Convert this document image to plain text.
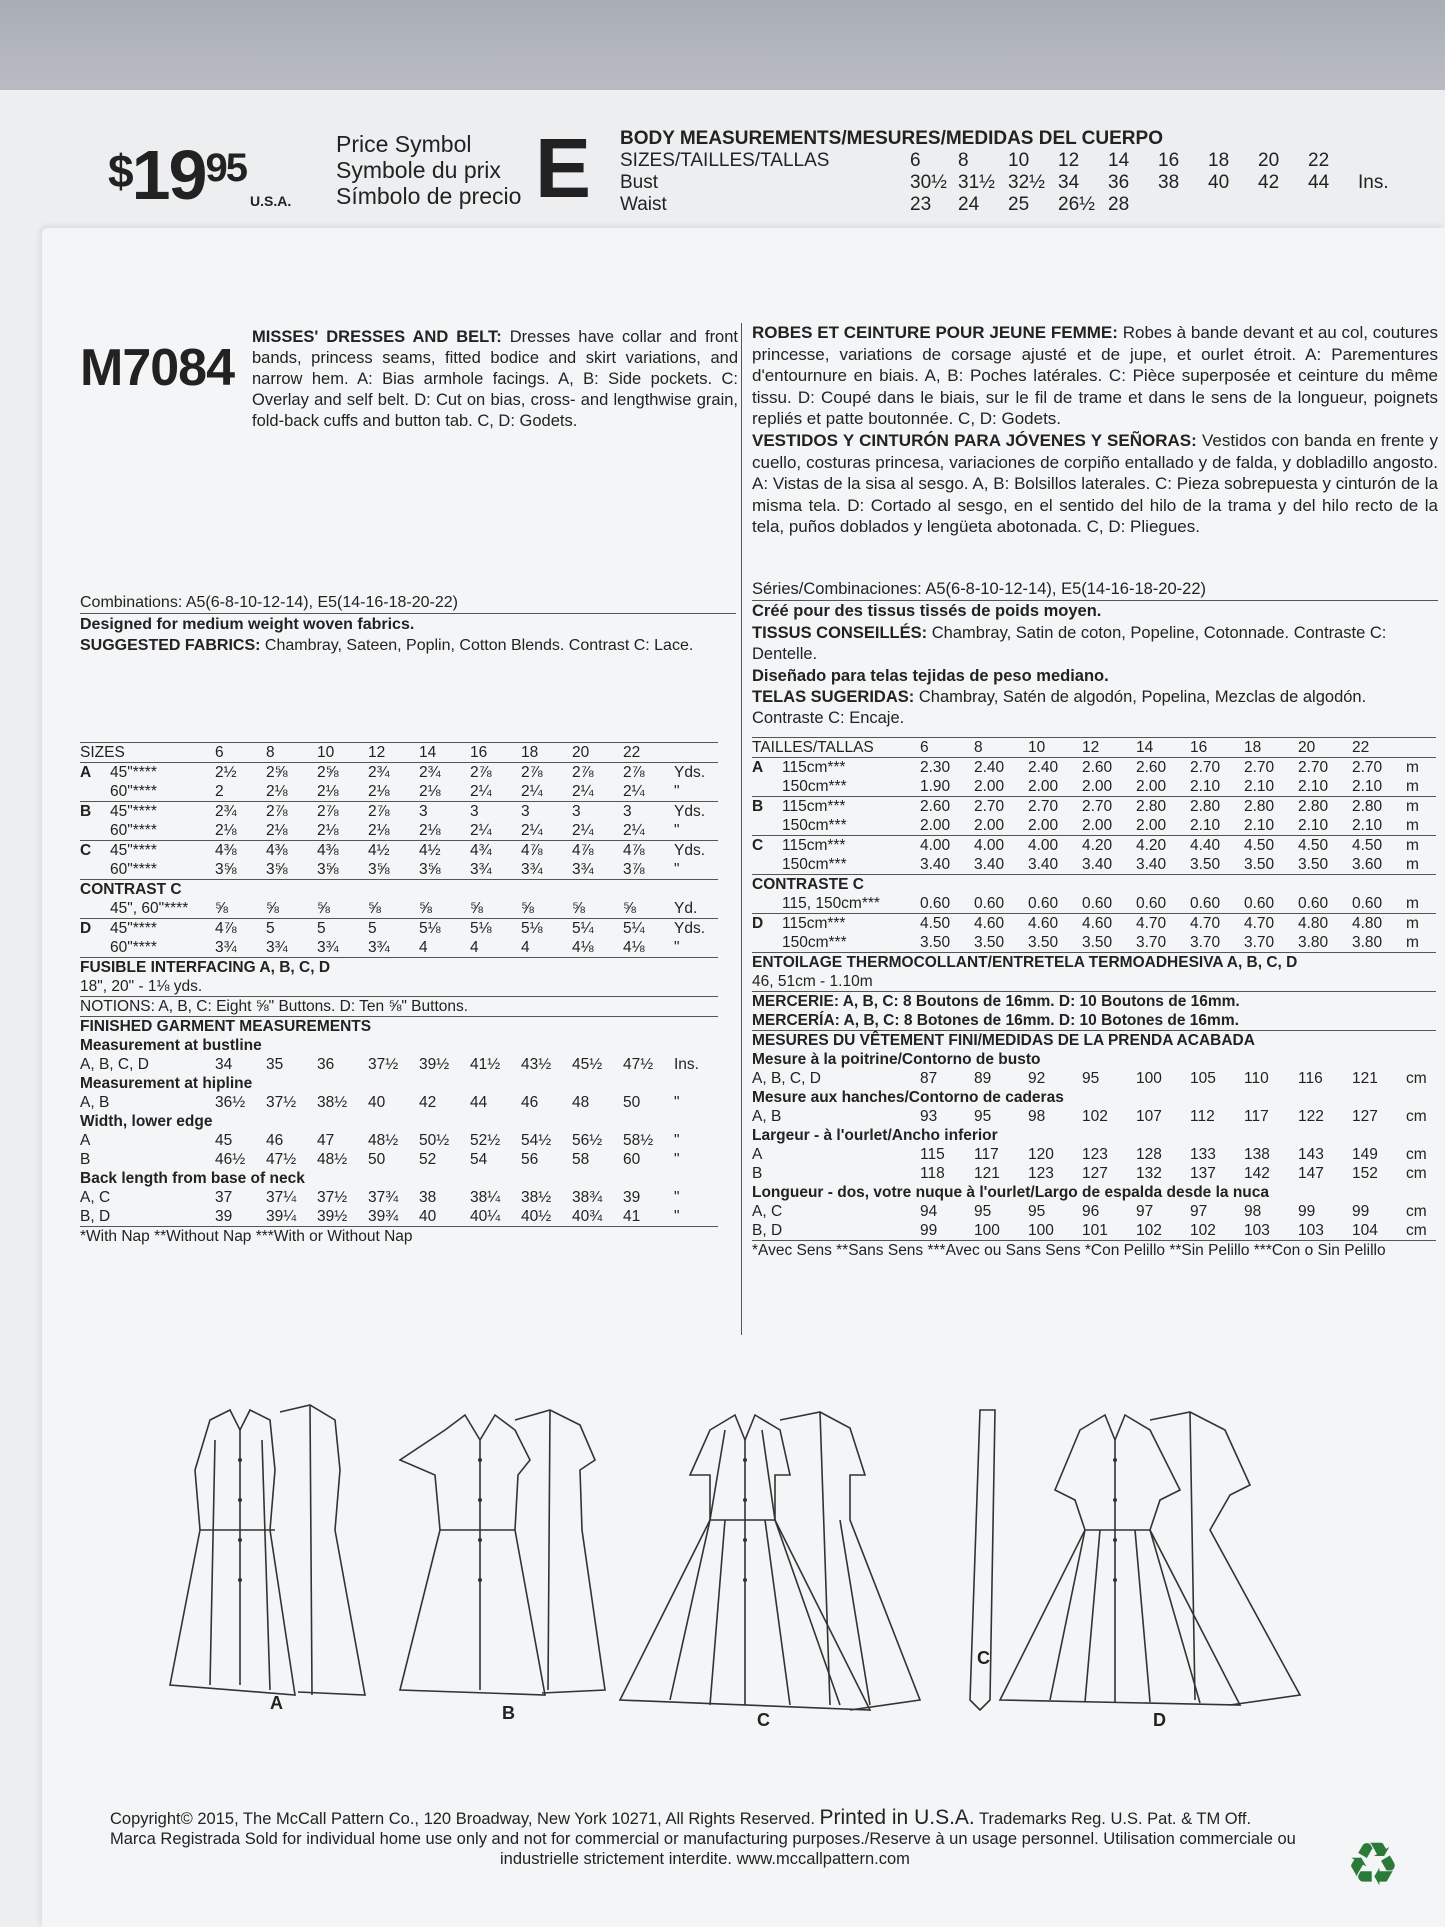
$^{\$}19^{95}$
U.S.A.
Price Symbol
Symbole du prix
Símbolo de precio E BODY MEASUREMENTS/MESURES/MEDIDAS DEL CUERPO
SIZES/TAILLES/TALLAS	6	8	10	12	14	16	18	20	22	
Bust	30½	31½	32½	34	36	38	40	42	44	Ins.
Waist	23	24	25	26½	28					
M7084
MISSES' DRESSES AND BELT: Dresses have collar and front bands, princess seams, fitted bodice and skirt variations, and narrow hem. A: Bias armhole facings. A, B: Side pockets. C: Overlay and self belt. D: Cut on bias, cross- and lengthwise grain, fold-back cuffs and button tab. C, D: Godets.
ROBES ET CEINTURE POUR JEUNE FEMME: Robes à bande devant et au col, coutures princesse, variations de corsage ajusté et de jupe, et ourlet étroit. A: Parementures d'entournure en biais. A, B: Poches latérales. C: Pièce superposée et ceinture du même tissu. D: Coupé dans le biais, sur le fil de trame et dans le sens de la longueur, poignets repliés et patte boutonnée. C, D: Godets.
VESTIDOS Y CINTURÓN PARA JÓVENES Y SEÑORAS: Vestidos con banda en frente y cuello, costuras princesa, variaciones de corpiño entallado y de falda, y dobladillo angosto. A: Vistas de la sisa al sesgo. A, B: Bolsillos laterales. C: Pieza sobrepuesta y cinturón de la misma tela. D: Cortado al sesgo, en el sentido del hilo de la trama y del hilo recto de la tela, puños doblados y lengüeta abotonada. C, D: Pliegues.
Combinations: A5(6-8-10-12-14), E5(14-16-18-20-22)
Designed for medium weight woven fabrics.
SUGGESTED FABRICS: Chambray, Sateen, Poplin, Cotton Blends. Contrast C: Lace.
Séries/Combinaciones: A5(6-8-10-12-14), E5(14-16-18-20-22)
Créé pour des tissus tissés de poids moyen.
TISSUS CONSEILLÉS: Chambray, Satin de coton, Popeline, Cotonnade. Contraste C: Dentelle.
Diseñado para telas tejidas de peso mediano.
TELAS SUGERIDAS: Chambray, Satén de algodón, Popelina, Mezclas de algodón. Contraste C: Encaje.
SIZES		6	8	10	12	14	16	18	20	22	
A	45"****	2½	2⅝	2⅝	2¾	2¾	2⅞	2⅞	2⅞	2⅞	Yds.
	60"****	2	2⅛	2⅛	2⅛	2⅛	2¼	2¼	2¼	2¼	"
B	45"****	2¾	2⅞	2⅞	2⅞	3	3	3	3	3	Yds.
	60"****	2⅛	2⅛	2⅛	2⅛	2⅛	2¼	2¼	2¼	2¼	"
C	45"****	4⅜	4⅜	4⅜	4½	4½	4¾	4⅞	4⅞	4⅞	Yds.
	60"****	3⅝	3⅝	3⅝	3⅝	3⅝	3¾	3¾	3¾	3⅞	"
CONTRAST C											
	45", 60"****	⅝	⅝	⅝	⅝	⅝	⅝	⅝	⅝	⅝	Yd.
D	45"****	4⅞	5	5	5	5⅛	5⅛	5⅛	5¼	5¼	Yds.
	60"****	3¾	3¾	3¾	3¾	4	4	4	4⅛	4⅛	"
FUSIBLE INTERFACING A, B, C, D											
18", 20" - 1⅛ yds.											
NOTIONS: A, B, C: Eight ⅝" Buttons. D: Ten ⅝" Buttons.											
FINISHED GARMENT MEASUREMENTS											
Measurement at bustline											
A, B, C, D		34	35	36	37½	39½	41½	43½	45½	47½	Ins.
Measurement at hipline											
A, B		36½	37½	38½	40	42	44	46	48	50	"
Width, lower edge											
A		45	46	47	48½	50½	52½	54½	56½	58½	"
B		46½	47½	48½	50	52	54	56	58	60	"
Back length from base of neck											
A, C		37	37¼	37½	37¾	38	38¼	38½	38¾	39	"
B, D		39	39¼	39½	39¾	40	40¼	40½	40¾	41	"
*With Nap **Without Nap ***With or Without Nap											
TAILLES/TALLAS		6	8	10	12	14	16	18	20	22	
A	115cm***	2.30	2.40	2.40	2.60	2.60	2.70	2.70	2.70	2.70	m
	150cm***	1.90	2.00	2.00	2.00	2.00	2.10	2.10	2.10	2.10	m
B	115cm***	2.60	2.70	2.70	2.70	2.80	2.80	2.80	2.80	2.80	m
	150cm***	2.00	2.00	2.00	2.00	2.00	2.10	2.10	2.10	2.10	m
C	115cm***	4.00	4.00	4.00	4.20	4.20	4.40	4.50	4.50	4.50	m
	150cm***	3.40	3.40	3.40	3.40	3.40	3.50	3.50	3.50	3.60	m
CONTRASTE C											
	115, 150cm***	0.60	0.60	0.60	0.60	0.60	0.60	0.60	0.60	0.60	m
D	115cm***	4.50	4.60	4.60	4.60	4.70	4.70	4.70	4.80	4.80	m
	150cm***	3.50	3.50	3.50	3.50	3.70	3.70	3.70	3.80	3.80	m
ENTOILAGE THERMOCOLLANT/ENTRETELA TERMOADHESIVA A, B, C, D											
46, 51cm - 1.10m											
MERCERIE: A, B, C: 8 Boutons de 16mm. D: 10 Boutons de 16mm.											
MERCERÍA: A, B, C: 8 Botones de 16mm. D: 10 Botones de 16mm.											
MESURES DU VÊTEMENT FINI/MEDIDAS DE LA PRENDA ACABADA											
Mesure à la poitrine/Contorno de busto											
A, B, C, D		87	89	92	95	100	105	110	116	121	cm
Mesure aux hanches/Contorno de caderas											
A, B		93	95	98	102	107	112	117	122	127	cm
Largeur - à l'ourlet/Ancho inferior											
A		115	117	120	123	128	133	138	143	149	cm
B		118	121	123	127	132	137	142	147	152	cm
Longueur - dos, votre nuque à l'ourlet/Largo de espalda desde la nuca											
A, C		94	95	95	96	97	97	98	99	99	cm
B, D		99	100	100	101	102	102	103	103	104	cm
*Avec Sens **Sans Sens ***Avec ou Sans Sens *Con Pelillo **Sin Pelillo ***Con o Sin Pelillo											
A	B	C
C
D
Copyright© 2015, The McCall Pattern Co., 120 Broadway, New York 10271, All Rights Reserved. Printed in U.S.A. Trademarks Reg. U.S. Pat. & TM Off.
Marca Registrada Sold for individual home use only and not for commercial or manufacturing purposes./Reserve à un usage personnel. Utilisation commerciale ou
industrielle strictement interdite. www.mccallpattern.com	♻
